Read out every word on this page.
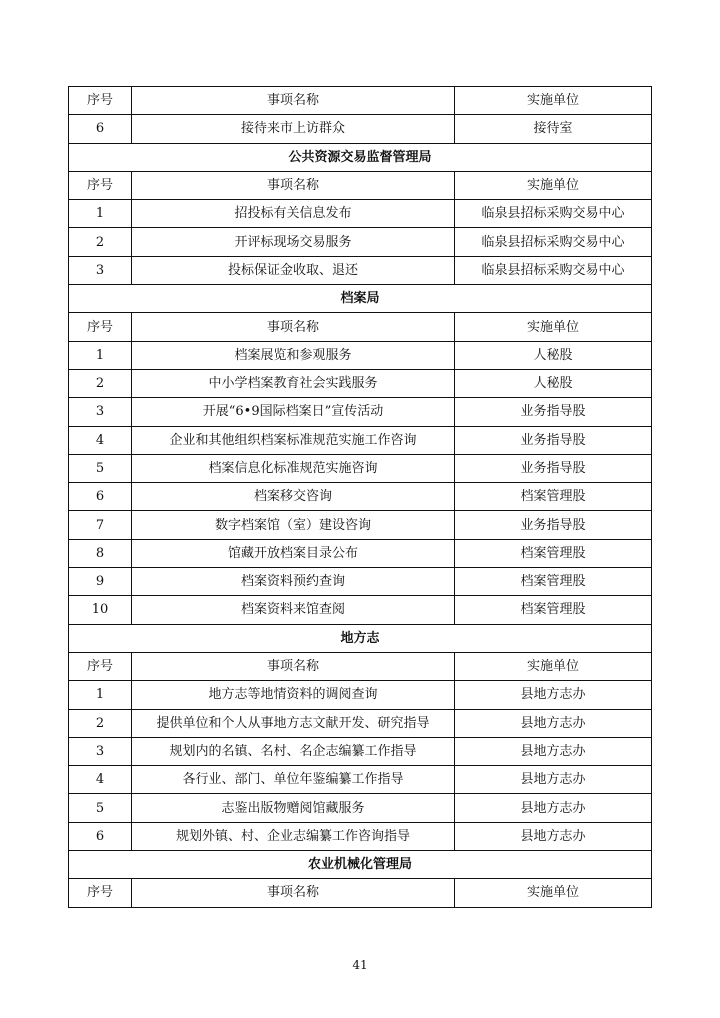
序号	事项名称	实施单位
6	接待来市上访群众	接待室
公共资源交易监督管理局		
序号	事项名称	实施单位
1	招投标有关信息发布	临泉县招标采购交易中心
2	开评标现场交易服务	临泉县招标采购交易中心
3	投标保证金收取、退还	临泉县招标采购交易中心
档案局		
序号	事项名称	实施单位
1	档案展览和参观服务	人秘股
2	中小学档案教育社会实践服务	人秘股
3	开展“6•9国际档案日”宣传活动	业务指导股
4	企业和其他组织档案标准规范实施工作咨询	业务指导股
5	档案信息化标准规范实施咨询	业务指导股
6	档案移交咨询	档案管理股
7	数字档案馆（室）建设咨询	业务指导股
8	馆藏开放档案目录公布	档案管理股
9	档案资料预约查询	档案管理股
10	档案资料来馆查阅	档案管理股
地方志		
序号	事项名称	实施单位
1	地方志等地情资料的调阅查询	县地方志办
2	提供单位和个人从事地方志文献开发、研究指导	县地方志办
3	规划内的名镇、名村、名企志编纂工作指导	县地方志办
4	各行业、部门、单位年鉴编纂工作指导	县地方志办
5	志鉴出版物赠阅馆藏服务	县地方志办
6	规划外镇、村、企业志编纂工作咨询指导	县地方志办
农业机械化管理局		
序号	事项名称	实施单位
41
